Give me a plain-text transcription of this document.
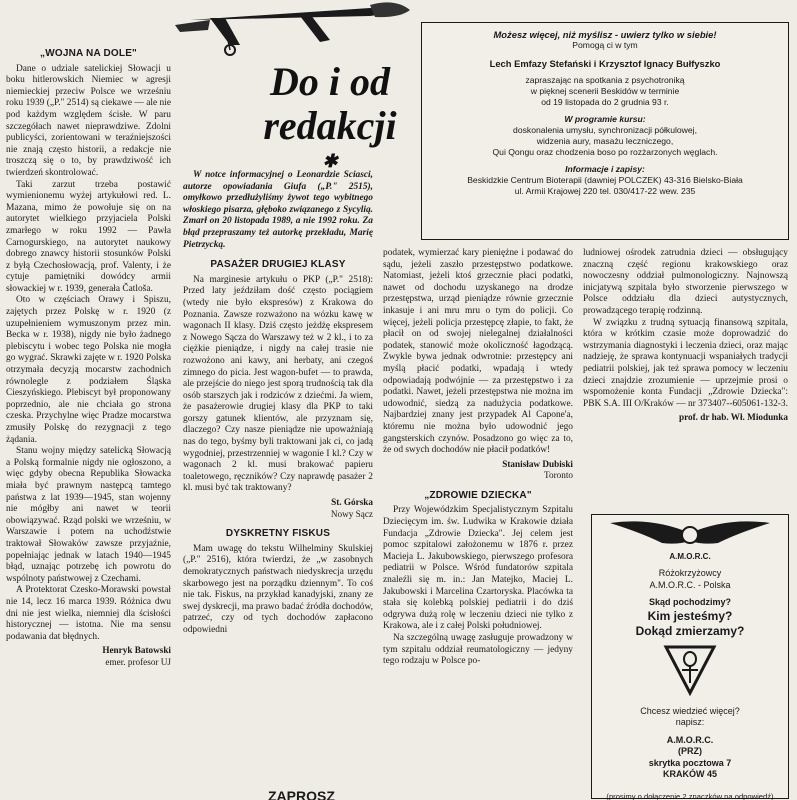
„WOJNA NA DOLE"

Dane o udziale satelickiej Słowacji u boku hitlerowskich Niemiec w agresji niemieckiej przeciw Polsce we wrześniu roku 1939 („P." 2514) są ciekawe — ale nie pod każdym względem ścisłe. W paru szczegółach nawet nieprawdziwe. Zdolni publicyści, zorientowani w teraźniejszości nie znają często historii, a redakcje nie troszczą się o to, by prawdziwość ich twierdzeń skontrolować.

Taki zarzut trzeba postawić wymienionemu wyżej artykułowi red. L. Mazana, mimo że powołuje się on na autorytet wielkiego przyjaciela Polski zmarłego w roku 1992 — Pawła Carnogurskiego, na autorytet naukowy dobrego znawcy historii stosunków Polski z byłą Czechosłowacją, prof. Valenty, i że cytuje pamiętniki dowódcy armii słowackiej w r. 1939, generała Čatloša.

Oto w częściach Orawy i Spiszu, zajętych przez Polskę w r. 1920 (z uzupełnieniem wymuszonym przez min. Becka w r. 1938), nigdy nie było żadnego plebiscytu i wobec tego Polska nie mogła go wygrać. Skrawki zajęte w r. 1920 Polska otrzymała decyzją mocarstw zachodnich równolegle z podziałem Śląska Cieszyńskiego. Plebiscyt był proponowany poprzednio, ale nie chciała go strona czeska. Przychylne więc Pradze mocarstwa zmusiły Polskę do rezygnacji z tego żądania.

Stanu wojny między satelicką Słowacją a Polską formalnie nigdy nie ogłoszono, a więc gdyby obecna Republika Słowacka miała być prawnym następcą tamtego państwa z lat 1939—1945, stan wojenny nie mógłby ani nawet w teorii obowiązywać. Rząd polski we wrześniu, w Warszawie i potem na uchodźstwie traktował Słowaków zawsze przyjaźnie, popełniając jednak w latach 1940—1945 błąd, uznając potrzebę ich powrotu do wspólnoty państwowej z Czechami.

A Protektorat Czesko-Morawski powstał nie 14, lecz 16 marca 1939. Różnica dwu dni nie jest wielka, niemniej dla ścisłości historycznej — istotna. Nie ma sensu podawania dat błędnych.

Henryk Batowski
emer. profesor UJ
Do i od
redakcji
✱

W notce informacyjnej o Leonardzie Sciasci, autorze opowiadania Giufa („P." 2515), omyłkowo przedłużyliśmy żywot tego wybitnego włoskiego pisarza, głęboko związanego z Sycylią. Zmarł on 20 listopada 1989, a nie 1992 roku. Za błąd przepraszamy też autorkę przekładu, Marię Pietrzycką.

PASAŻER DRUGIEJ KLASY

Na marginesie artykułu o PKP („P." 2518): Przed laty jeździłam dość często pociągiem (wtedy nie było ekspresów) z Krakowa do Poznania. Zawsze rozważono na wózku kawę w wagonach II klasy. Dziś często jeżdżę ekspresem z Nowego Sącza do Warszawy też w 2 kl., i to za ciężkie pieniądze, i nigdy na całej trasie nie rozwożono ani kawy, ani herbaty, ani czegoś zimnego do picia. Jest wagon-bufet — to prawda, ale przejście do niego jest sporą trudnością tak dla osób starszych jak i rodziców z dziećmi. Ja wiem, że pasażerowie drugiej klasy dla PKP to taki gorszy gatunek klientów, ale przyznam się, dlaczego? Czy nasze pieniądze nie upoważniają nas do tego, byśmy byli traktowani jak ci, co jadą wygodniej, przestrzenniej w wagonie I kl.? Czy w wagonach 2 kl. musi brakować papieru toaletowego, ręczników? Czy naprawdę pasażer 2 kl. musi być tak traktowany?

St. Górska
Nowy Sącz
DYSKRETNY FISKUS

Mam uwagę do tekstu Wilhelminy Skulskiej („P." 2516), która twierdzi, że „w zasobnych demokratycznych państwach niedyskrecja urzędu skarbowego jest na porządku dziennym". To coś nie tak. Fiskus, na przykład kanadyjski, znany ze swej dyskrecji, ma prawo badać źródła dochodów, patrzeć, czy od tych dochodów zapłacono odpowiedni

podatek, wymierzać kary pieniężne i podawać do sądu, jeżeli zaszło przestępstwo podatkowe. Natomiast, jeżeli ktoś grzecznie płaci podatki, nawet od dochodu uzyskanego na drodze przestępstwa, urząd pieniądze równie grzecznie inkasuje i ani mru mru o tym do policji. Co więcej, jeżeli policja przestępcę złapie, to fakt, że płacił on od swojej nielegalnej działalności podatek, stanowić może okoliczność łagodzącą. Zwykle bywa jednak odwrotnie: przestępcy ani myślą płacić podatki, wpadają i wtedy odpowiadają podwójnie — za przestępstwo i za podatki. Nawet, jeżeli przestępstwa nie można im udowodnić, siedzą za nadużycia podatkowe. Najbardziej znany jest przypadek Al Capone'a, któremu nie można było udowodnić jego gangsterskich czynów. Posadzono go więc za to, że od swych dochodów nie płacił podatków!

Stanisław Dubiski
Toronto
„ZDROWIE DZIECKA"

Przy Wojewódzkim Specjalistycznym Szpitalu Dziecięcym im. św. Ludwika w Krakowie działa Fundacja „Zdrowie Dziecka". Jej celem jest pomoc szpitalowi założonemu w 1876 r. przez Macieja L. Jakubowskiego, pierwszego profesora pediatrii w Polsce. Wśród fundatorów szpitala znaleźli się m. in.: Jan Matejko, Maciej L. Jakubowski i Marcelina Czartoryska. Placówka ta stała się kolebką polskiej pediatrii i do dziś odgrywa dużą rolę w leczeniu dzieci nie tylko z Krakowa, ale i z całej Polski południowej.

Na szczególną uwagę zasługuje prowadzony w tym szpitalu oddział reumatologiczny — jedyny tego rodzaju w Polsce po-

ludniowej ośrodek zatrudnia dzieci — obsługujący znaczną część regionu krakowskiego oraz nowoczesny oddział pulmonologiczny. Najnowszą inicjatywą szpitala było stworzenie pierwszego w Polsce oddziału dla dzieci autystycznych, prowadzącego terapię rodzinną.

W związku z trudną sytuacją finansową szpitala, która w krótkim czasie może doprowadzić do wstrzymania diagnostyki i leczenia dzieci, oraz mając nadzieję, że sprawa kontynuacji wspaniałych tradycji pediatrii polskiej, jak też sprawa pomocy w leczeniu dzieci znajdzie zrozumienie — uprzejmie prosi o wspomożenie konta Fundacji „Zdrowie Dziecka": PBK S.A. III O/Kraków — nr 373407--605061-132-3.

prof. dr hab. Wł. Miodunka
Możesz więcej, niż myślisz - uwierz tylko w siebie!
Pomogą ci w tym
Lech Emfazy Stefański i Krzysztof Ignacy Bułfyszko
zapraszając na spotkania z psychotroniką
w pięknej scenerii Beskidów w terminie
od 19 listopada do 2 grudnia 93 r.
W programie kursu:
doskonalenia umysłu, synchronizacji półkulowej,
widzenia aury, masażu leczniczego,
Qui Qongu oraz chodzenia boso po rozżarzonych węglach.
Informacje i zapisy:
Beskidzkie Centrum Bioterapii (dawniej POLCZEK) 43-316 Bielsko-Biała
ul. Armii Krajowej 220 tel. 030/417-22 wew. 235
A.M.O.R.C.
Różokrzyżowcy
A.M.O.R.C. - Polska
Skąd pochodzimy?
Kim jesteśmy?
Dokąd zmierzamy?
Chcesz wiedzieć więcej?
napisz:
A.M.O.R.C.
(PRZ)
skrytka pocztowa 7
KRAKÓW 45
(prosimy o dołączenie 2 znaczków na odpowiedź)
ZAPROSZ
